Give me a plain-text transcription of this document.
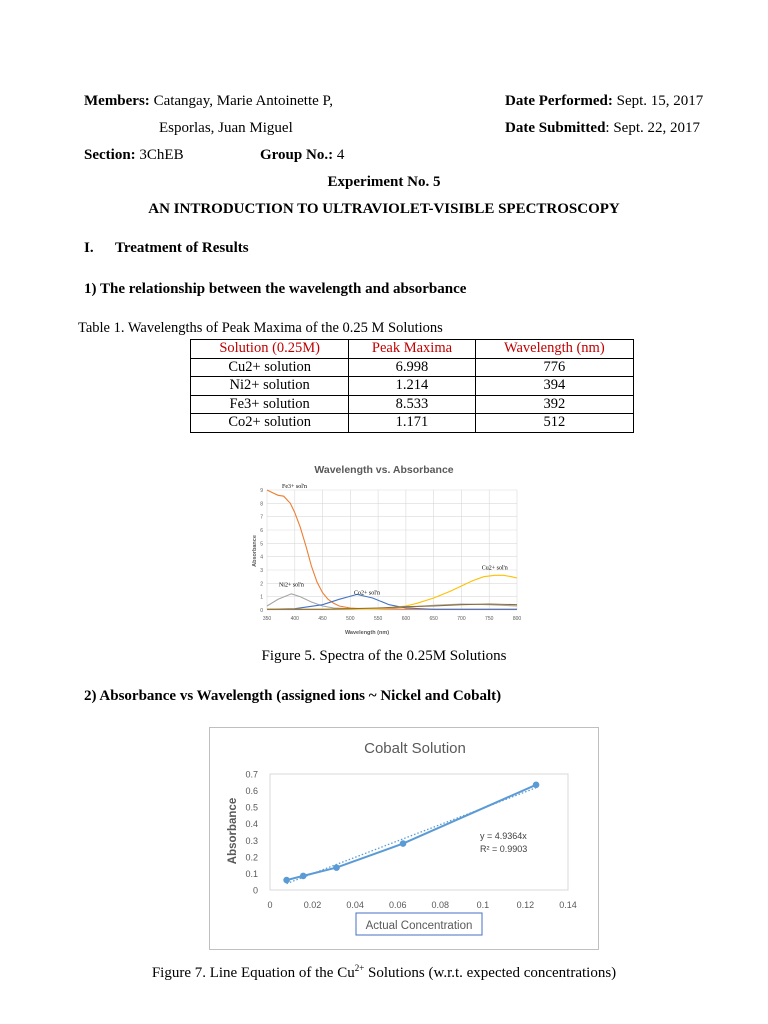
Members: Catangay, Marie Antoinette P,
Esporlas, Juan Miguel
Date Performed: Sept. 15, 2017
Date Submitted: Sept. 22, 2017
Section: 3ChEB	Group No.: 4
Experiment No. 5
AN INTRODUCTION TO ULTRAVIOLET-VISIBLE SPECTROSCOPY
I. Treatment of Results
1) The relationship between the wavelength and absorbance
Table 1. Wavelengths of Peak Maxima of the 0.25 M Solutions
Solution (0.25M)	Peak Maxima	Wavelength (nm)
Cu2+ solution	6.998	776
Ni2+ solution	1.214	394
Fe3+ solution	8.533	392
Co2+ solution	1.171	512
Wavelength vs. Absorbance
Wavelength (nm)
Absorbance
0
1
2
3
4
5
6
7
8
9
350	400	450	500	550	600	650	700	750	800
Fe3+ sol'n
Ni2+ sol'n
Co2+ sol'n
Cu2+ sol'n
Figure 5. Spectra of the 0.25M Solutions
2) Absorbance vs Wavelength (assigned ions ~ Nickel and Cobalt)
Cobalt Solution
Absorbance
Actual Concentration
0
0.1
0.2
0.3
0.4
0.5
0.6
0.7
0	0.02	0.04	0.06	0.08	0.1	0.12	0.14
y = 4.9364x
R² = 0.9903
Figure 7. Line Equation of the $Cu^{2+}$ Solutions (w.r.t. expected concentrations)
